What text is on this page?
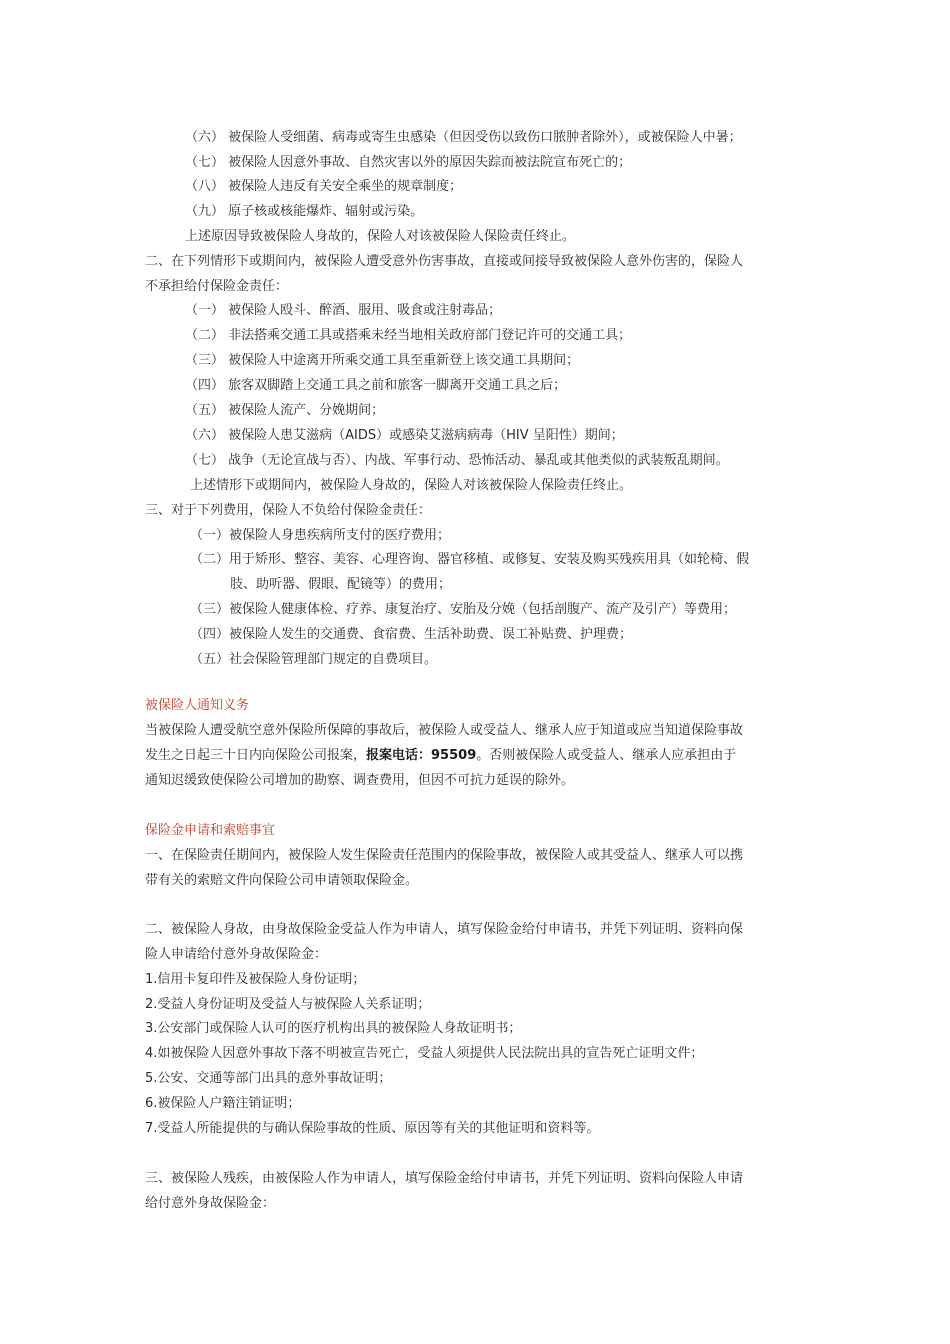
（六） 被保险人受细菌、病毒或寄生虫感染（但因受伤以致伤口脓肿者除外），或被保险人中暑；
（七） 被保险人因意外事故、自然灾害以外的原因失踪而被法院宣布死亡的；
（八） 被保险人违反有关安全乘坐的规章制度；
（九） 原子核或核能爆炸、辐射或污染。
上述原因导致被保险人身故的，保险人对该被保险人保险责任终止。
二、在下列情形下或期间内，被保险人遭受意外伤害事故，直接或间接导致被保险人意外伤害的，保险人
不承担给付保险金责任：
（一） 被保险人殴斗、醉酒、服用、吸食或注射毒品；
（二） 非法搭乘交通工具或搭乘未经当地相关政府部门登记许可的交通工具；
（三） 被保险人中途离开所乘交通工具至重新登上该交通工具期间；
（四） 旅客双脚踏上交通工具之前和旅客一脚离开交通工具之后；
（五） 被保险人流产、分娩期间；
（六） 被保险人患艾滋病（AIDS）或感染艾滋病病毒（HIV 呈阳性）期间；
（七） 战争（无论宣战与否）、内战、军事行动、恐怖活动、暴乱或其他类似的武装叛乱期间。
上述情形下或期间内，被保险人身故的，保险人对该被保险人保险责任终止。
三、对于下列费用，保险人不负给付保险金责任：
（一）被保险人身患疾病所支付的医疗费用；
（二）用于矫形、整容、美容、心理咨询、器官移植、或修复、安装及购买残疾用具（如轮椅、假
肢、助听器、假眼、配镜等）的费用；
（三）被保险人健康体检、疗养、康复治疗、安胎及分娩（包括剖腹产、流产及引产）等费用；
（四）被保险人发生的交通费、食宿费、生活补助费、误工补贴费、护理费；
（五）社会保险管理部门规定的自费项目。
被保险人通知义务
当被保险人遭受航空意外保险所保障的事故后，被保险人或受益人、继承人应于知道或应当知道保险事故
发生之日起三十日内向保险公司报案，报案电话：95509。否则被保险人或受益人、继承人应承担由于
通知迟缓致使保险公司增加的勘察、调查费用，但因不可抗力延误的除外。
保险金申请和索赔事宜
一、在保险责任期间内，被保险人发生保险责任范围内的保险事故，被保险人或其受益人、继承人可以携
带有关的索赔文件向保险公司申请领取保险金。
二、被保险人身故，由身故保险金受益人作为申请人，填写保险金给付申请书，并凭下列证明、资料向保
险人申请给付意外身故保险金：
1.信用卡复印件及被保险人身份证明；
2.受益人身份证明及受益人与被保险人关系证明；
3.公安部门或保险人认可的医疗机构出具的被保险人身故证明书；
4.如被保险人因意外事故下落不明被宣告死亡，受益人须提供人民法院出具的宣告死亡证明文件；
5.公安、交通等部门出具的意外事故证明；
6.被保险人户籍注销证明；
7.受益人所能提供的与确认保险事故的性质、原因等有关的其他证明和资料等。
三、被保险人残疾，由被保险人作为申请人，填写保险金给付申请书，并凭下列证明、资料向保险人申请
给付意外身故保险金：
